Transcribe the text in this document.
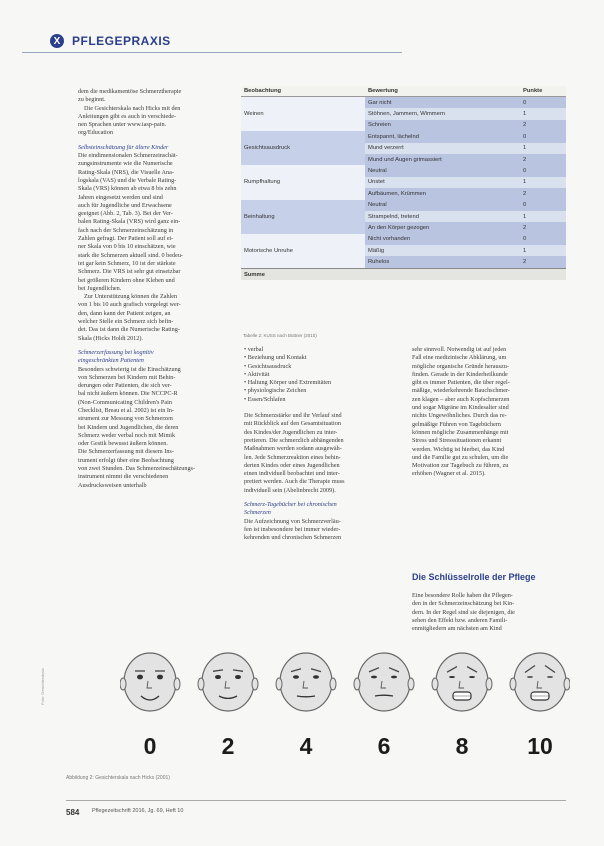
X PFLEGEPRAXIS

dem die medikamentöse Schmerztherapie
zu beginnt.

Die Gesichterskala nach Hicks mit den
Anleitungen gibt es auch in verschiede-
nen Sprachen unter www.iasp-pain.
org/Education

Selbsteinschätzung für ältere Kinder

Die eindimensionalen Schmerzeinschät-
zungsinstrumente wie die Numerische
Rating-Skala (NRS), die Visuelle Ana-
logskala (VAS) und die Verbale Rating-
Skala (VRS) können ab etwa 8 bis zehn
Jahren eingesetzt werden und sind
auch für Jugendliche und Erwachsene
geeignet (Abb. 2, Tab. 3). Bei der Ver-
balen Rating-Skala (VRS) wird ganz ein-
fach nach der Schmerzeinschätzung in
Zahlen gefragt. Der Patient soll auf ei-
ner Skala von 0 bis 10 einschätzen, wie
stark die Schmerzen aktuell sind. 0 bedeu-
tet gar kein Schmerz, 10 ist der stärkste
Schmerz. Die VRS ist sehr gut einsetzbar
bei größeren Kindern ohne Kleben und
bei Jugendlichen.

Zur Unterstützung können die Zahlen
von 1 bis 10 auch grafisch vorgelegt wer-
den, dann kann der Patient zeigen, an
welcher Stelle ein Schmerz sich befin-
det. Das ist dann die Numerische Rating-
Skala (Hicks Holdt 2012).

Schmerzerfassung bei kognitiv
eingeschränkten Patienten

Besonders schwierig ist die Einschätzung
von Schmerzen bei Kindern mit Behin-
derungen oder Patienten, die sich ver-
bal nicht äußern können. Die NCCPC-R
(Non-Communicating Children's Pain
Checklist, Breau et al. 2002) ist ein In-
strument zur Messung von Schmerzen
bei Kindern und Jugendlichen, die deren
Schmerz weder verbal noch mit Mimik
oder Gestik bewusst äußern können.
Die Schmerzerfassung mit diesem Ins-
trument erfolgt über eine Beobachtung
von zwei Stunden. Das Schmerzeinschätzungs-
instrument nimmt die verschiedenen
Ausdrucksweisen unterhalb

Beobachtung	Bewertung	Punkte
Weinen	Gar nicht	0
	Stöhnen, Jammern, Wimmern	1
	Schreien	2
Gesichtsausdruck	Entspannt, lächelnd	0
	Mund verzerrt	1
	Mund und Augen grimassiert	2
Rumpfhaltung	Neutral	0
	Unstet	1
	Aufbäumen, Krümmen	2
Beinhaltung	Neutral	0
	Strampelnd, tretend	1
	An den Körper gezogen	2
Motorische Unruhe	Nicht vorhanden	0
	Mäßig	1
	Ruhelos	2
Summe		
Tabelle 2: KUSS nach Büttner (2010)

• verbal

• Beziehung und Kontakt

• Gesichtsausdruck

• Aktivität

• Haltung Körper und Extremitäten

• physiologische Zeichen

• Essen/Schlafen

Die Schmerzstärke und ihr Verlauf sind
mit Rückblick auf den Gesamtsituation
des Kindes/der Jugendlichen zu inter-
pretieren. Die schmerzlich abhängenden
Maßnahmen werden sodann ausgewäh-
len. Jede Schmerzreaktion eines behin-
derten Kindes oder eines Jugendlichen
einen individuell beobachtet und inter-
pretiert werden. Auch die Therapie muss
individuell sein (Abelinbrecht 2009).

Schmerz-Tagebücher bei chronischen
Schmerzen

Die Aufzeichnung von Schmerzverläu-
fen ist insbesondere bei immer wieder-
kehrenden und chronischen Schmerzen

sehr sinnvoll. Notwendig ist auf jeden
Fall eine medizinische Abklärung, um
mögliche organische Gründe herauszu-
finden. Gerade in der Kinderheilkunde
gibt es immer Patienten, die über regel-
mäßige, wiederkehrende Bauchschmer-
zen klagen – aber auch Kopfschmerzen
und sogar Migräne im Kindesalter sind
nichts Ungewöhnliches. Durch das re-
gelmäßige Führen von Tagebüchern
können mögliche Zusammenhänge mit
Stress und Stresssituationen erkannt
werden. Wichtig ist hierbei, das Kind
und die Familie gut zu schulen, um die
Motivation zur Tagebuch zu führen, zu
erhöhen (Wagner et al. 2015).

Die Schlüsselrolle der Pflege

Eine besondere Rolle haben die Pflegen-
den in der Schmerzeinschätzung bei Kin-
dern. In der Regel sind sie diejenigen, die
sehen den Effekt bzw. anderen Famili-
enmitgliedern am nächsten am Kind

Foto: Gesichterskala
0	2	4	6	8	10
Abbildung 2: Gesichterskala nach Hicks (2001)
584 Pflegezeitschrift 2016, Jg. 69, Heft 10
